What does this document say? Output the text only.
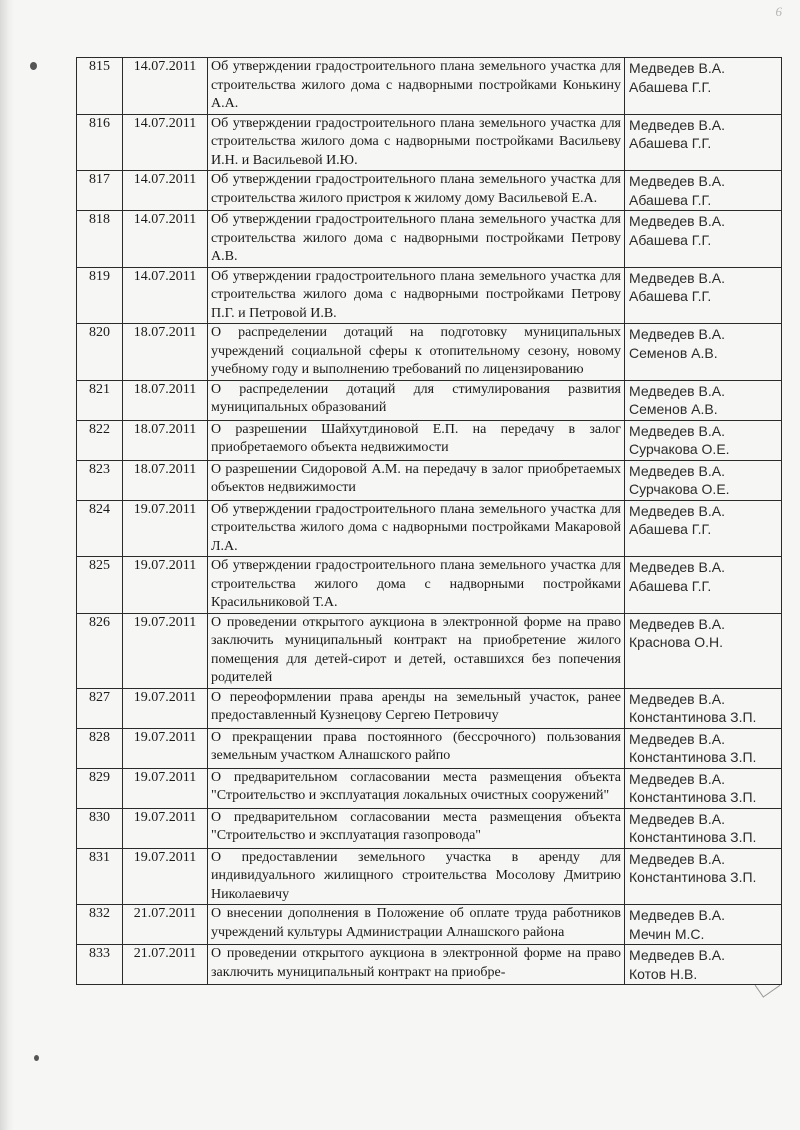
6
815	14.07.2011	Об утверждении градостроительного плана земельного участка для строительства жилого дома с надворными постройками Конькину А.А.	Медведев В.А.
Абашева Г.Г.
816	14.07.2011	Об утверждении градостроительного плана земельного участка для строительства жилого дома с надворными постройками Васильеву И.Н. и Васильевой И.Ю.	Медведев В.А.
Абашева Г.Г.
817	14.07.2011	Об утверждении градостроительного плана земельного участка для строительства жилого пристроя к жилому дому Васильевой Е.А.	Медведев В.А.
Абашева Г.Г.
818	14.07.2011	Об утверждении градостроительного плана земельного участка для строительства жилого дома с надворными постройками Петрову А.В.	Медведев В.А.
Абашева Г.Г.
819	14.07.2011	Об утверждении градостроительного плана земельного участка для строительства жилого дома с надворными постройками Петрову П.Г. и Петровой И.В.	Медведев В.А.
Абашева Г.Г.
820	18.07.2011	О распределении дотаций на подготовку муниципальных учреждений социальной сферы к отопительному сезону, новому учебному году и выполнению требований по лицензированию	Медведев В.А.
Семенов А.В.
821	18.07.2011	О распределении дотаций для стимулирования развития муниципальных образований	Медведев В.А.
Семенов А.В.
822	18.07.2011	О разрешении Шайхутдиновой Е.П. на передачу в залог приобретаемого объекта недвижимости	Медведев В.А.
Сурчакова О.Е.
823	18.07.2011	О разрешении Сидоровой А.М. на передачу в залог приобретаемых объектов недвижимости	Медведев В.А.
Сурчакова О.Е.
824	19.07.2011	Об утверждении градостроительного плана земельного участка для строительства жилого дома с надворными постройками Макаровой Л.А.	Медведев В.А.
Абашева Г.Г.
825	19.07.2011	Об утверждении градостроительного плана земельного участка для строительства жилого дома с надворными постройками Красильниковой Т.А.	Медведев В.А.
Абашева Г.Г.
826	19.07.2011	О проведении открытого аукциона в электронной форме на право заключить муниципальный контракт на приобретение жилого помещения для детей-сирот и детей, оставшихся без попечения родителей	Медведев В.А.
Краснова О.Н.
827	19.07.2011	О переоформлении права аренды на земельный участок, ранее предоставленный Кузнецову Сергею Петровичу	Медведев В.А.
Константинова З.П.
828	19.07.2011	О прекращении права постоянного (бессрочного) пользования земельным участком Алнашского райпо	Медведев В.А.
Константинова З.П.
829	19.07.2011	О предварительном согласовании места размещения объекта "Строительство и эксплуатация локальных очистных сооружений"	Медведев В.А.
Константинова З.П.
830	19.07.2011	О предварительном согласовании места размещения объекта "Строительство и эксплуатация газопровода"	Медведев В.А.
Константинова З.П.
831	19.07.2011	О предоставлении земельного участка в аренду для индивидуального жилищного строительства Мосолову Дмитрию Николаевичу	Медведев В.А.
Константинова З.П.
832	21.07.2011	О внесении дополнения в Положение об оплате труда работников учреждений культуры Администрации Алнашского района	Медведев В.А.
Мечин М.С.
833	21.07.2011	О проведении открытого аукциона в электронной форме на право заключить муниципальный контракт на приобре-	Медведев В.А.
Котов Н.В.
